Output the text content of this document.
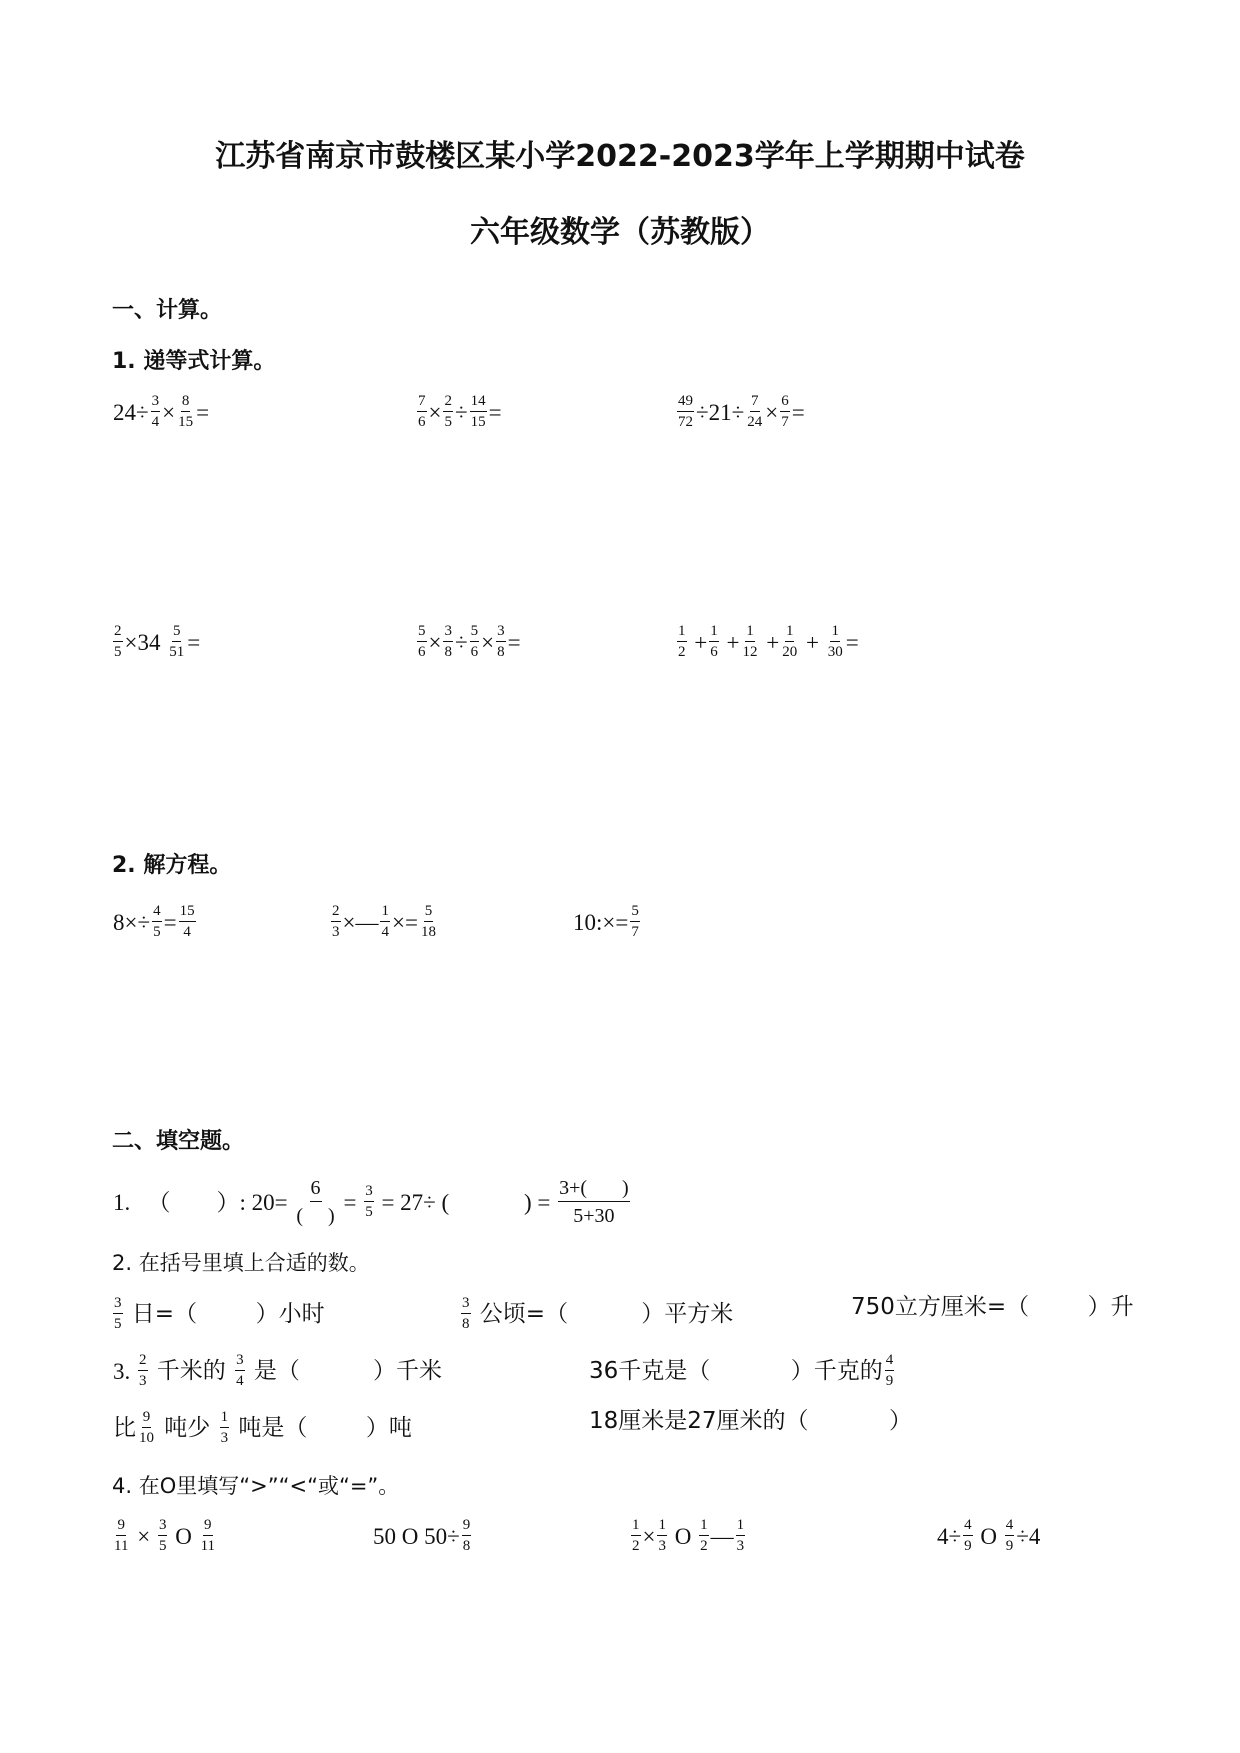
江苏省南京市鼓楼区某小学2022-2023学年上学期期中试卷
六年级数学（苏教版）
一、计算。
1. 递等式计算。
$24\div \frac{3}{4} \times \frac{8}{15}$ =	$\frac{7}{6} \times \frac{2}{5} \div \frac{14}{15}$ =	$\frac{49}{72} \div 21\div \frac{7}{24} \times \frac{6}{7}$ =
$\frac{2}{5} \times 34 \frac{5}{51}$ =	$\frac{5}{6} \times \frac{3}{8} \div \frac{5}{6} \times \frac{3}{8}$ =	$\frac{1}{2} + \frac{1}{6} + \frac{1}{12} + \frac{1}{20} + \frac{1}{30}$ =
2. 解方程。
$8\times\div \frac{4}{5} = \frac{15}{4}$	$\frac{2}{3}$ ×— $\frac{1}{4} \times= \frac{5}{18}$	10:×= $\frac{5}{7}$
二、填空题。
1.   （        ）: 20=
6
(     )
= $\frac{3}{5} = 27\div$ (             ) = $\frac{3+( )}{5+30}$
2. 在括号里填上合适的数。
$\frac{3}{5}$ 日=（        ）小时	$\frac{3}{8}$ 公顷=（          ）平方米	750立方厘米=（        ）升
3. $\frac{2}{3}$ 千米的 $\frac{3}{4}$ 是（          ）千米	36千克是（           ）千克的 $\frac{4}{9}$
比 $\frac{9}{10}$ 吨少 $\frac{1}{3}$ 吨是（        ）吨	18厘米是27厘米的（           ）
4. 在O里填写“>”“<“或“=”。
$\frac{9}{11} \times \frac{3}{5}$ O $\frac{9}{11}$	50 O $50\div \frac{9}{8}$	$\frac{1}{2} \times \frac{1}{3}$ O $\frac{1}{2}$ — $\frac{1}{3}$	$4\div \frac{4}{9}$ O $\frac{4}{9} \div 4$
